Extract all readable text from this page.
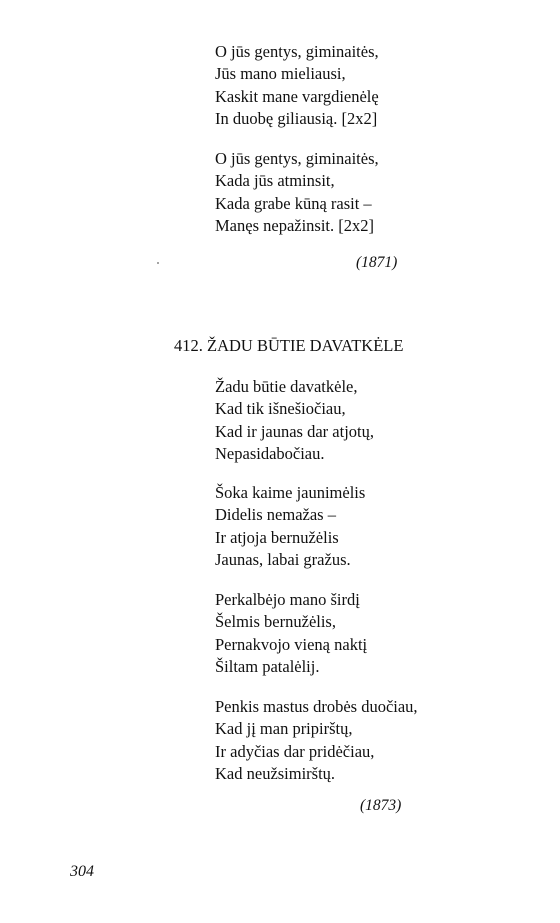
O jūs gentys, giminaitės,
Jūs mano mieliausi,
Kaskit mane vargdienėlę
In duobę giliausią. [2x2]
O jūs gentys, giminaitės,
Kada jūs atminsit,
Kada grabe kūną rasit –
Manęs nepažinsit. [2x2]
(1871)
412. ŽADU BŪTIE DAVATKĖLE
Žadu būtie davatkėle,
Kad tik išnešiočiau,
Kad ir jaunas dar atjotų,
Nepasidabočiau.
Šoka kaime jaunimėlis
Didelis nemažas –
Ir atjoja bernužėlis
Jaunas, labai gražus.
Perkalbėjo mano širdį
Šelmis bernužėlis,
Pernakvojo vieną naktį
Šiltam patalėlij.
Penkis mastus drobės duočiau,
Kad jį man pripirštų,
Ir adyčias dar pridėčiau,
Kad neužsimirštų.
(1873)
304
